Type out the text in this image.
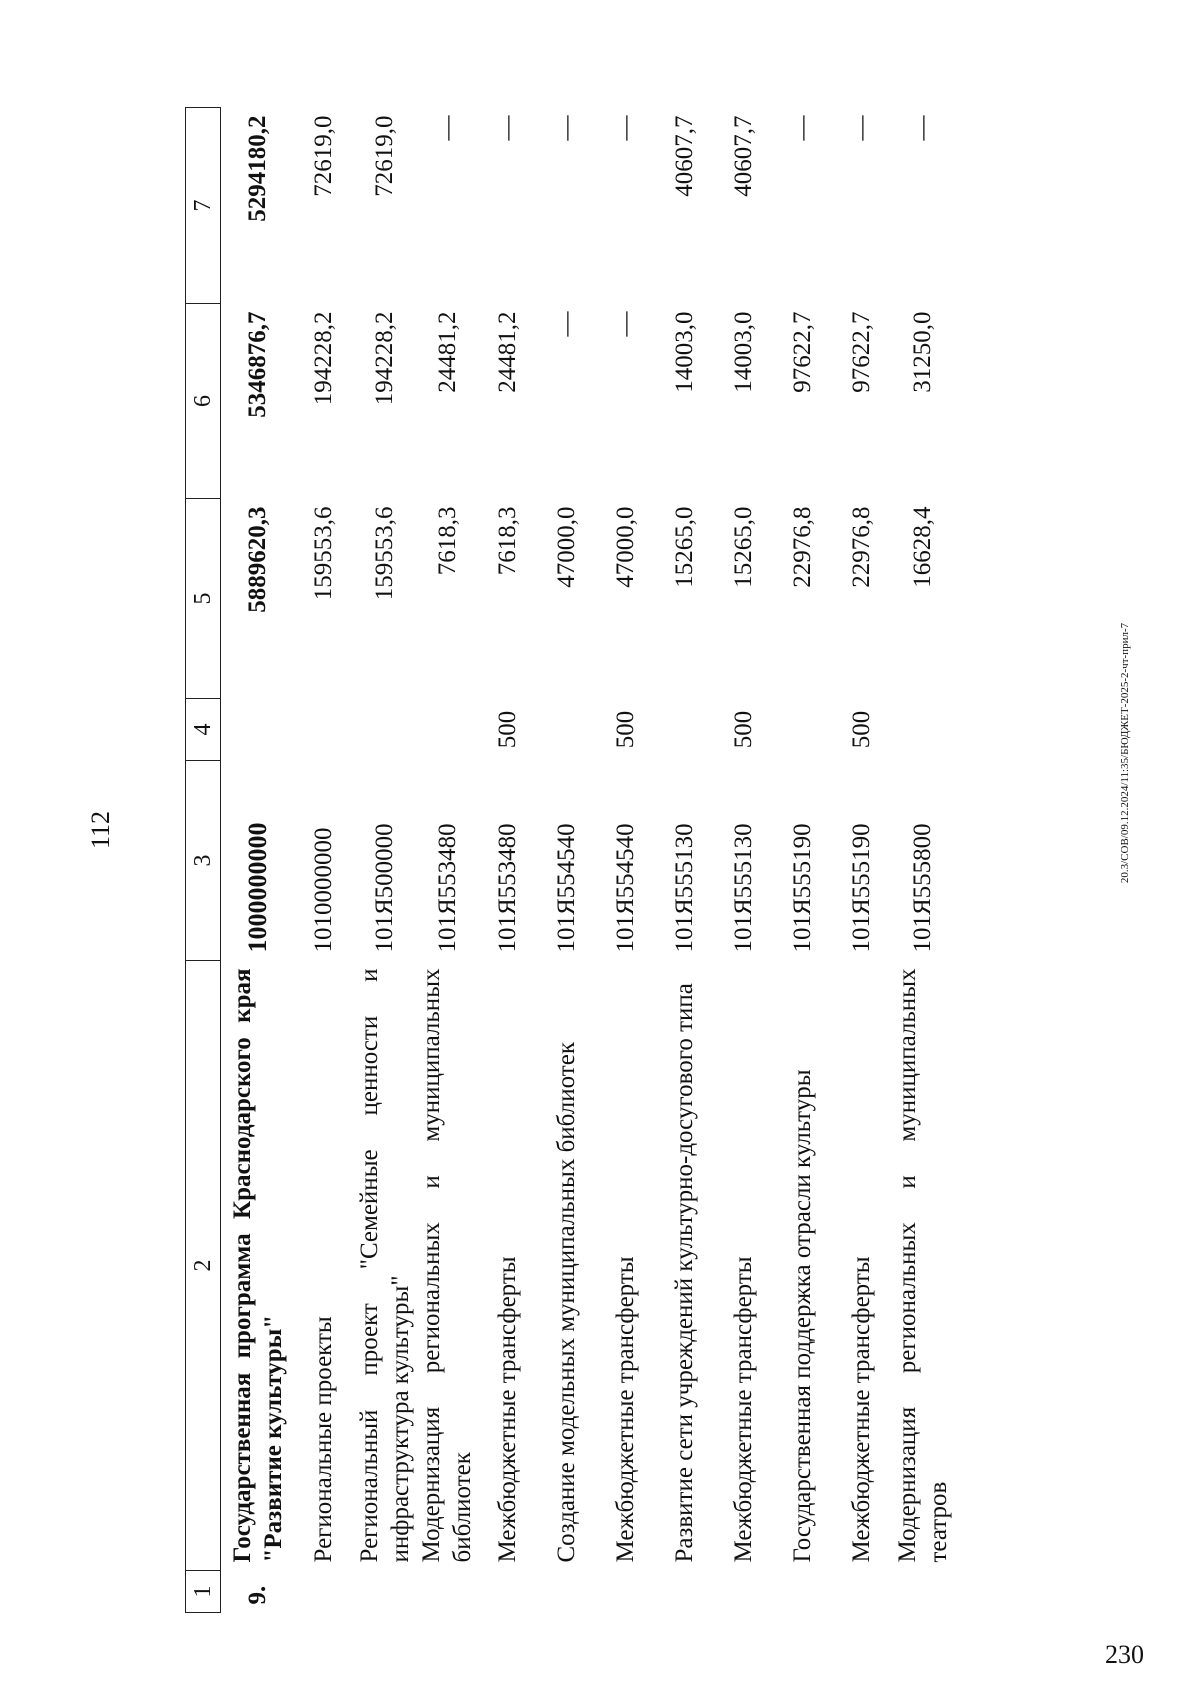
112
1	2	3	4	5	6	7
9.	Государственная программа Краснодарского края "Развитие культуры"	1000000000		5889620,3	5346876,7	5294180,2
	Региональные проекты	1010000000		159553,6	194228,2	72619,0
	Региональный проект "Семейные ценности и инфраструктура культуры"	101Я500000		159553,6	194228,2	72619,0
	Модернизация региональных и муниципальных библиотек	101Я553480		7618,3	24481,2	—
	Межбюджетные трансферты	101Я553480	500	7618,3	24481,2	—
	Создание модельных муниципальных библиотек	101Я554540		47000,0	—	—
	Межбюджетные трансферты	101Я554540	500	47000,0	—	—
	Развитие сети учреждений культурно-досугового типа	101Я555130		15265,0	14003,0	40607,7
	Межбюджетные трансферты	101Я555130	500	15265,0	14003,0	40607,7
	Государственная поддержка отрасли культуры	101Я555190		22976,8	97622,7	—
	Межбюджетные трансферты	101Я555190	500	22976,8	97622,7	—
	Модернизация региональных и муниципальных театров	101Я555800		16628,4	31250,0	—
20.3/СОВ/09.12.2024/11:35/БЮДЖЕТ-2025-2-чт-прил-7
230
